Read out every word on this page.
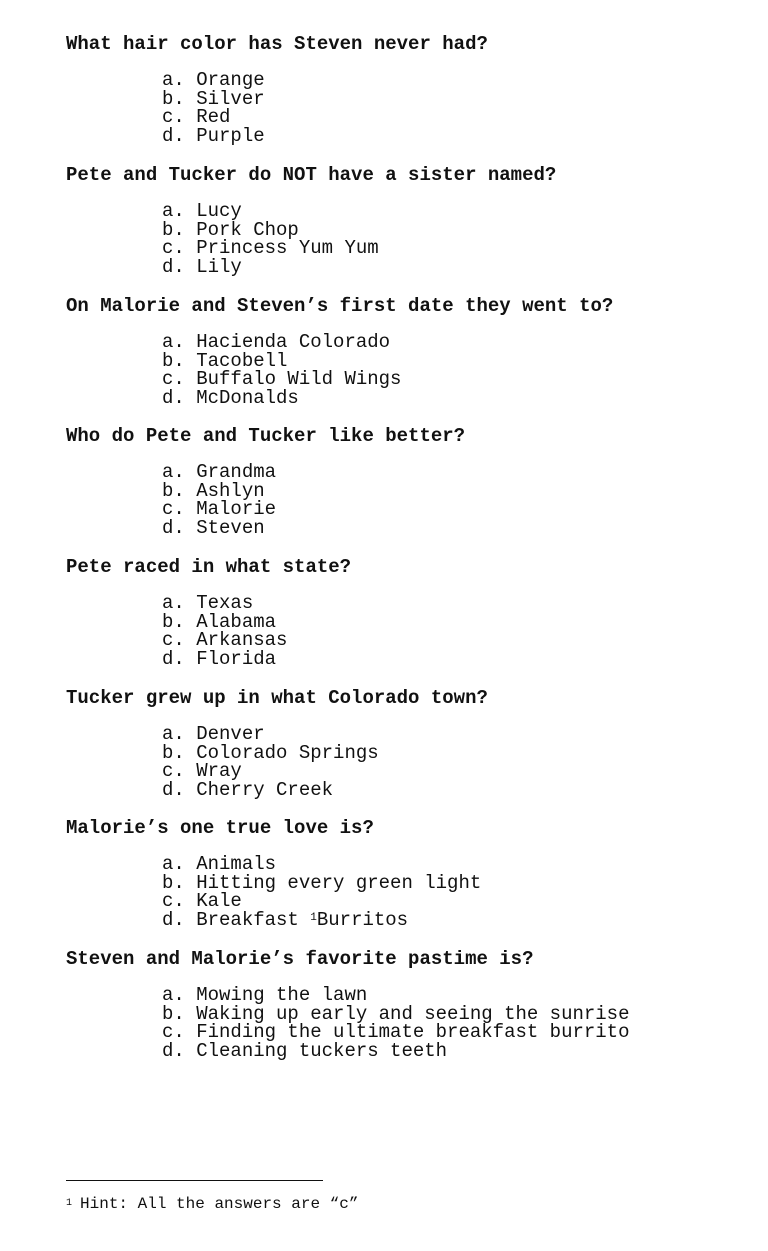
What hair color has Steven never had?

a. Orange
b. Silver
c. Red
d. Purple

Pete and Tucker do NOT have a sister named?

a. Lucy
b. Pork Chop
c. Princess Yum Yum
d. Lily

On Malorie and Steven’s first date they went to?

a. Hacienda Colorado
b. Tacobell
c. Buffalo Wild Wings
d. McDonalds

Who do Pete and Tucker like better?

a. Grandma
b. Ashlyn
c. Malorie
d. Steven

Pete raced in what state?

a. Texas
b. Alabama
c. Arkansas
d. Florida

Tucker grew up in what Colorado town?

a. Denver
b. Colorado Springs
c. Wray
d. Cherry Creek

Malorie’s one true love is?

a. Animals
b. Hitting every green light
c. Kale
d. Breakfast $^1$Burritos

Steven and Malorie’s favorite pastime is?

a. Mowing the lawn
b. Waking up early and seeing the sunrise
c. Finding the ultimate breakfast burrito
d. Cleaning tuckers teeth
$^1$ Hint: All the answers are “c”
